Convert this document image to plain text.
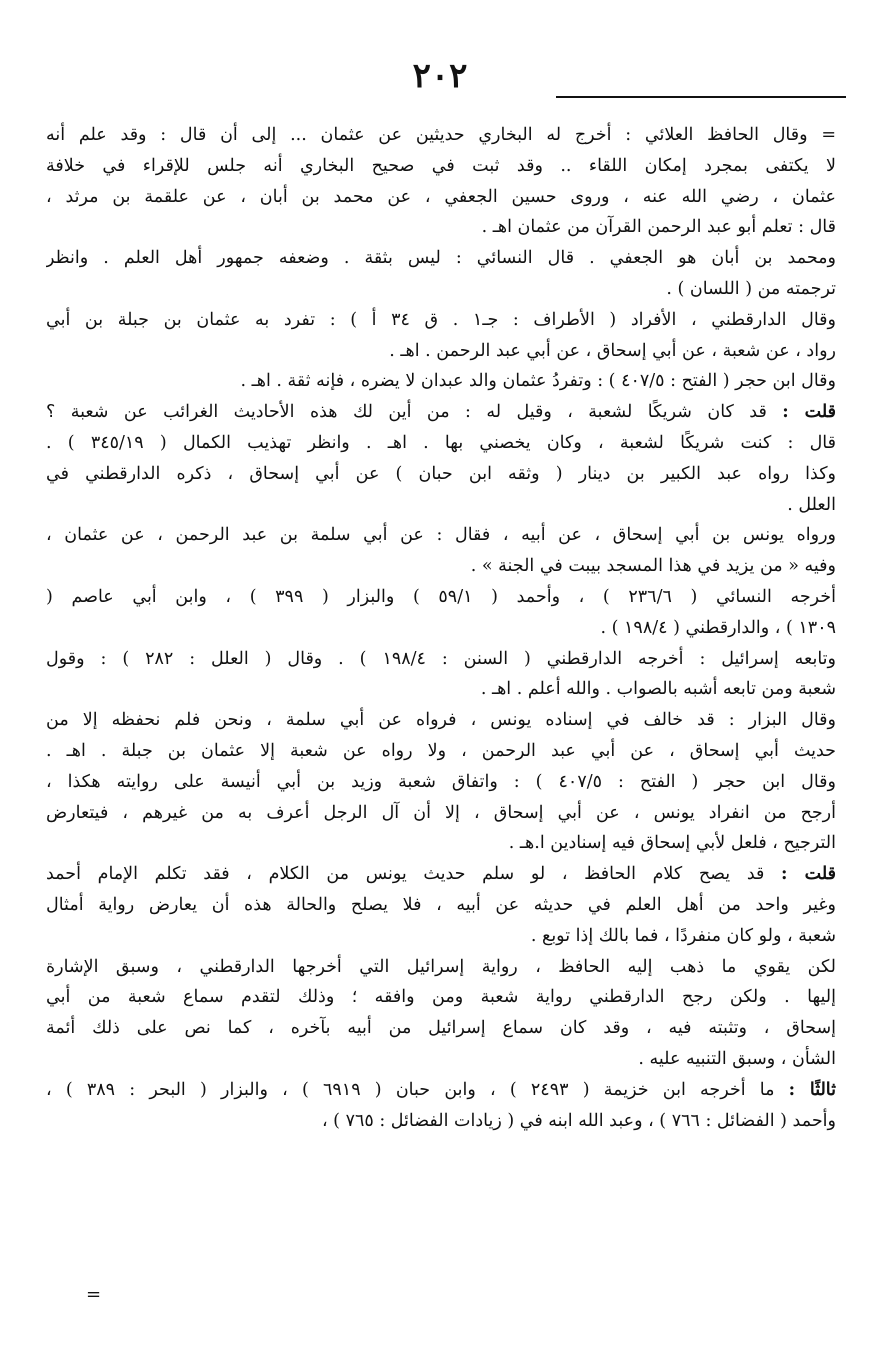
٢٠٢
= وقال الحافظ العلائي : أخرج له البخاري حديثين عن عثمان ... إلى أن قال : وقد علم أنه
لا يكتفى بمجرد إمكان اللقاء .. وقد ثبت في صحيح البخاري أنه جلس للإقراء في خلافة
عثمان ، رضي الله عنه ، وروى حسين الجعفي ، عن محمد بن أبان ، عن علقمة بن مرثد ،
قال : تعلم أبو عبد الرحمن القرآن من عثمان اهـ .
ومحمد بن أبان هو الجعفي . قال النسائي : ليس بثقة . وضعفه جمهور أهل العلم . وانظر
ترجمته من ( اللسان ) .
وقال الدارقطني ، الأفراد ( الأطراف : جـ١ . ق ٣٤ أ ) : تفرد به عثمان بن جبلة بن أبي
رواد ، عن شعبة ، عن أبي إسحاق ، عن أبي عبد الرحمن . اهـ .
وقال ابن حجر ( الفتح : ٤٠٧/٥ ) : وتفردُ عثمان والد عبدان لا يضره ، فإنه ثقة . اهـ .
قلت : قد كان شريكًا لشعبة ، وقيل له : من أين لك هذه الأحاديث الغرائب عن شعبة ؟
قال : كنت شريكًا لشعبة ، وكان يخصني بها . اهـ . وانظر تهذيب الكمال ( ٣٤٥/١٩ ) .
وكذا رواه عبد الكبير بن دينار ( وثقه ابن حبان ) عن أبي إسحاق ، ذكره الدارقطني في
العلل .
ورواه يونس بن أبي إسحاق ، عن أبيه ، فقال : عن أبي سلمة بن عبد الرحمن ، عن عثمان ،
وفيه « من يزيد في هذا المسجد بيبت في الجنة » .
أخرجه النسائي ( ٢٣٦/٦ ) ، وأحمد ( ٥٩/١ ) والبزار ( ٣٩٩ ) ، وابن أبي عاصم (
١٣٠٩ ) ، والدارقطني ( ١٩٨/٤ ) .
وتابعه إسرائيل : أخرجه الدارقطني ( السنن : ١٩٨/٤ ) . وقال ( العلل : ٢٨٢ ) : وقول
شعبة ومن تابعه أشبه بالصواب . والله أعلم . اهـ .
وقال البزار : قد خالف في إسناده يونس ، فرواه عن أبي سلمة ، ونحن فلم نحفظه إلا من
حديث أبي إسحاق ، عن أبي عبد الرحمن ، ولا رواه عن شعبة إلا عثمان بن جبلة . اهـ .
وقال ابن حجر ( الفتح : ٤٠٧/٥ ) : واتفاق شعبة وزيد بن أبي أنيسة على روايته هكذا ،
أرجح من انفراد يونس ، عن أبي إسحاق ، إلا أن آل الرجل أعرف به من غيرهم ، فيتعارض
الترجيح ، فلعل لأبي إسحاق فيه إسنادين ا.هـ .
قلت : قد يصح كلام الحافظ ، لو سلم حديث يونس من الكلام ، فقد تكلم الإمام أحمد
وغير واحد من أهل العلم في حديثه عن أبيه ، فلا يصلح والحالة هذه أن يعارض رواية أمثال
شعبة ، ولو كان منفردًا ، فما بالك إذا توبع .
لكن يقوي ما ذهب إليه الحافظ ، رواية إسرائيل التي أخرجها الدارقطني ، وسبق الإشارة
إليها . ولكن رجح الدارقطني رواية شعبة ومن وافقه ؛ وذلك لتقدم سماع شعبة من أبي
إسحاق ، وتثبته فيه ، وقد كان سماع إسرائيل من أبيه بآخره ، كما نص على ذلك أئمة
الشأن ، وسبق التنبيه عليه .
ثالثًا : ما أخرجه ابن خزيمة ( ٢٤٩٣ ) ، وابن حبان ( ٦٩١٩ ) ، والبزار ( البحر : ٣٨٩ ) ،
وأحمد ( الفضائل : ٧٦٦ ) ، وعبد الله ابنه في ( زيادات الفضائل : ٧٦٥ ) ،
=
